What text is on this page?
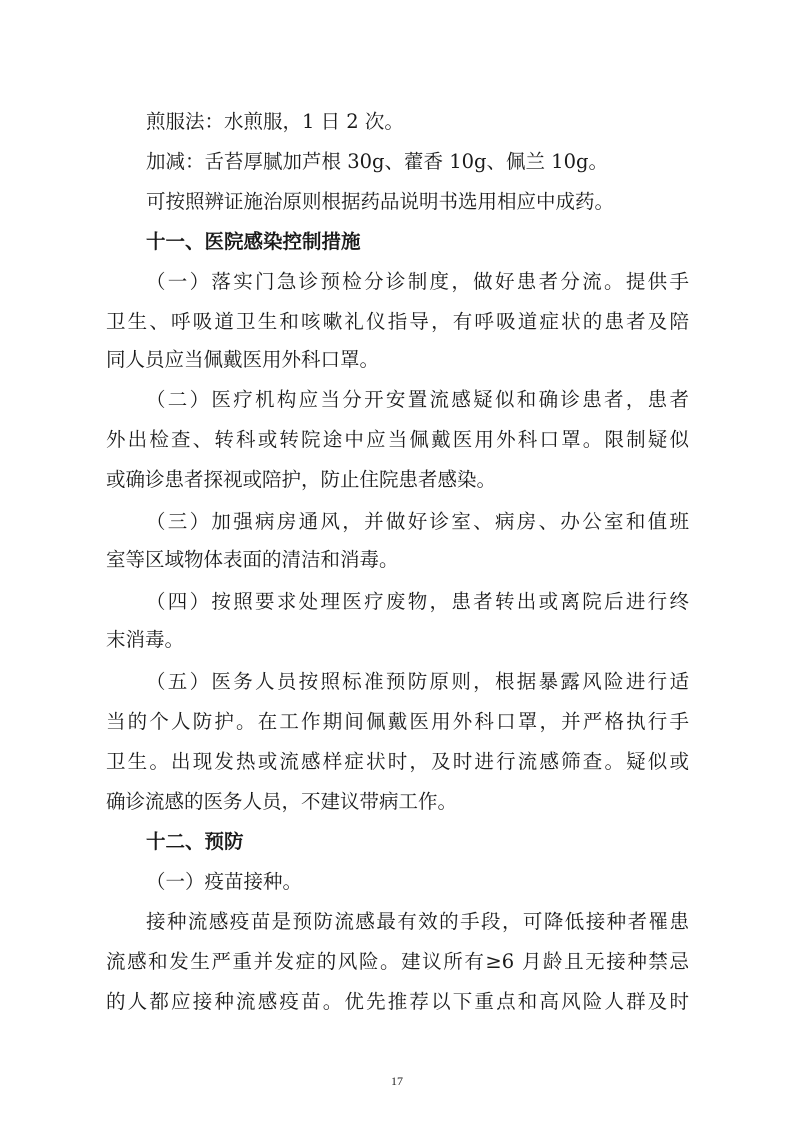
煎服法：水煎服，1 日 2 次。
加减：舌苔厚腻加芦根 30g、藿香 10g、佩兰 10g。
可按照辨证施治原则根据药品说明书选用相应中成药。
十一、医院感染控制措施
（一）落实门急诊预检分诊制度，做好患者分流。提供手
卫生、呼吸道卫生和咳嗽礼仪指导，有呼吸道症状的患者及陪
同人员应当佩戴医用外科口罩。
（二）医疗机构应当分开安置流感疑似和确诊患者，患者
外出检查、转科或转院途中应当佩戴医用外科口罩。限制疑似
或确诊患者探视或陪护，防止住院患者感染。
（三）加强病房通风，并做好诊室、病房、办公室和值班
室等区域物体表面的清洁和消毒。
（四）按照要求处理医疗废物，患者转出或离院后进行终
末消毒。
（五）医务人员按照标准预防原则，根据暴露风险进行适
当的个人防护。在工作期间佩戴医用外科口罩，并严格执行手
卫生。出现发热或流感样症状时，及时进行流感筛查。疑似或
确诊流感的医务人员，不建议带病工作。
十二、预防
（一）疫苗接种。
接种流感疫苗是预防流感最有效的手段，可降低接种者罹患
流感和发生严重并发症的风险。建议所有≥6 月龄且无接种禁忌
的人都应接种流感疫苗。优先推荐以下重点和高风险人群及时
17
